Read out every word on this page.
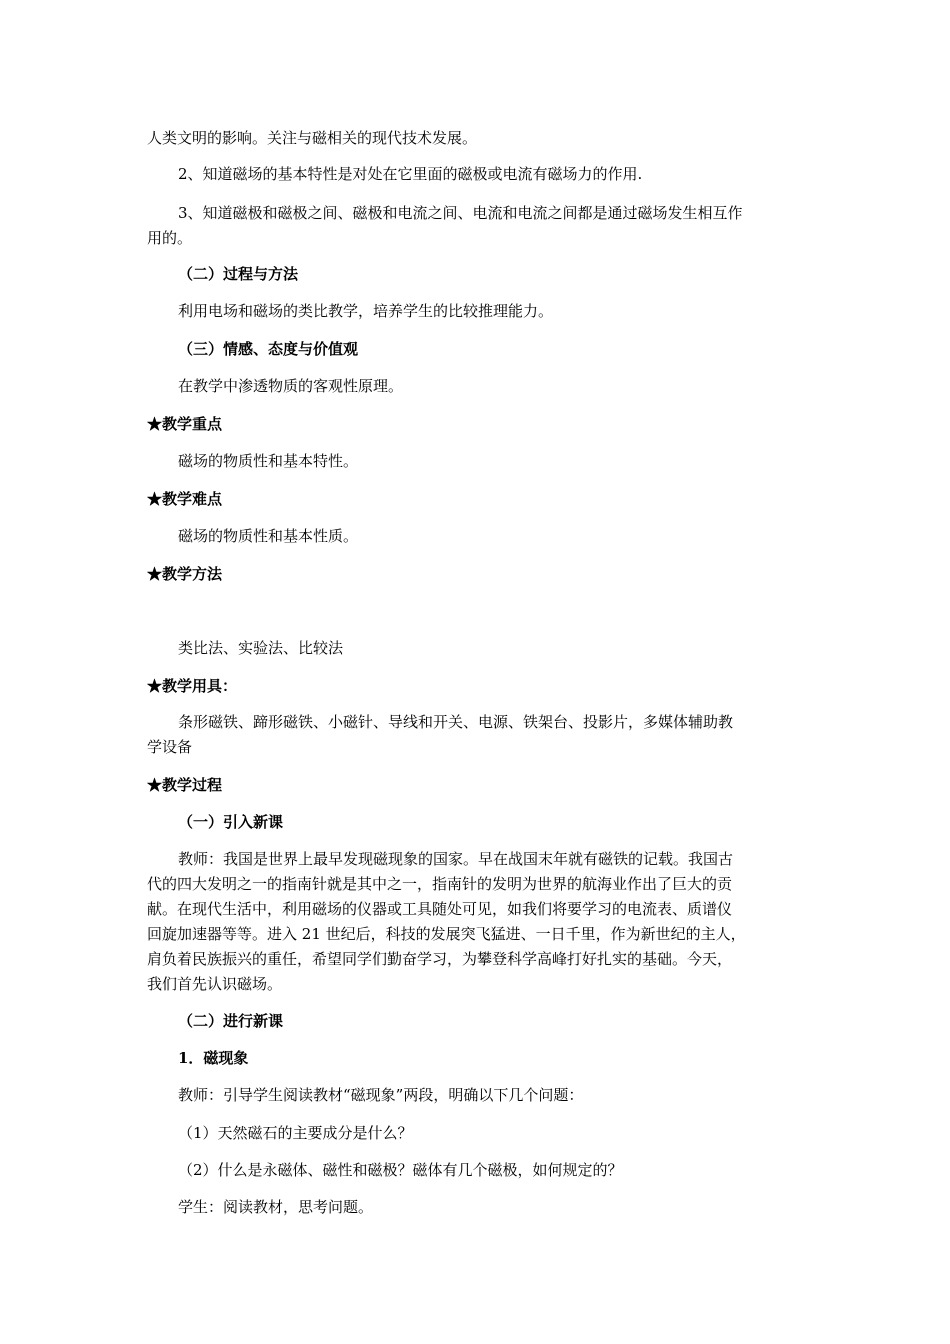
人类文明的影响。关注与磁相关的现代技术发展。
2、知道磁场的基本特性是对处在它里面的磁极或电流有磁场力的作用.
3、知道磁极和磁极之间、磁极和电流之间、电流和电流之间都是通过磁场发生相互作
用的。
（二）过程与方法
利用电场和磁场的类比教学，培养学生的比较推理能力。
（三）情感、态度与价值观
在教学中渗透物质的客观性原理。
★教学重点
磁场的物质性和基本特性。
★教学难点
磁场的物质性和基本性质。
★教学方法
类比法、实验法、比较法
★教学用具：
条形磁铁、蹄形磁铁、小磁针、导线和开关、电源、铁架台、投影片，多媒体辅助教
学设备
★教学过程
（一）引入新课
教师：我国是世界上最早发现磁现象的国家。早在战国末年就有磁铁的记载。我国古
代的四大发明之一的指南针就是其中之一，指南针的发明为世界的航海业作出了巨大的贡
献。在现代生活中，利用磁场的仪器或工具随处可见，如我们将要学习的电流表、质谱仪
回旋加速器等等。进入 21 世纪后，科技的发展突飞猛进、一日千里，作为新世纪的主人，
肩负着民族振兴的重任，希望同学们勤奋学习，为攀登科学高峰打好扎实的基础。今天，
我们首先认识磁场。
（二）进行新课
1．磁现象
教师：引导学生阅读教材“磁现象”两段，明确以下几个问题：
（1）天然磁石的主要成分是什么？
（2）什么是永磁体、磁性和磁极？磁体有几个磁极，如何规定的？
学生：阅读教材，思考问题。
